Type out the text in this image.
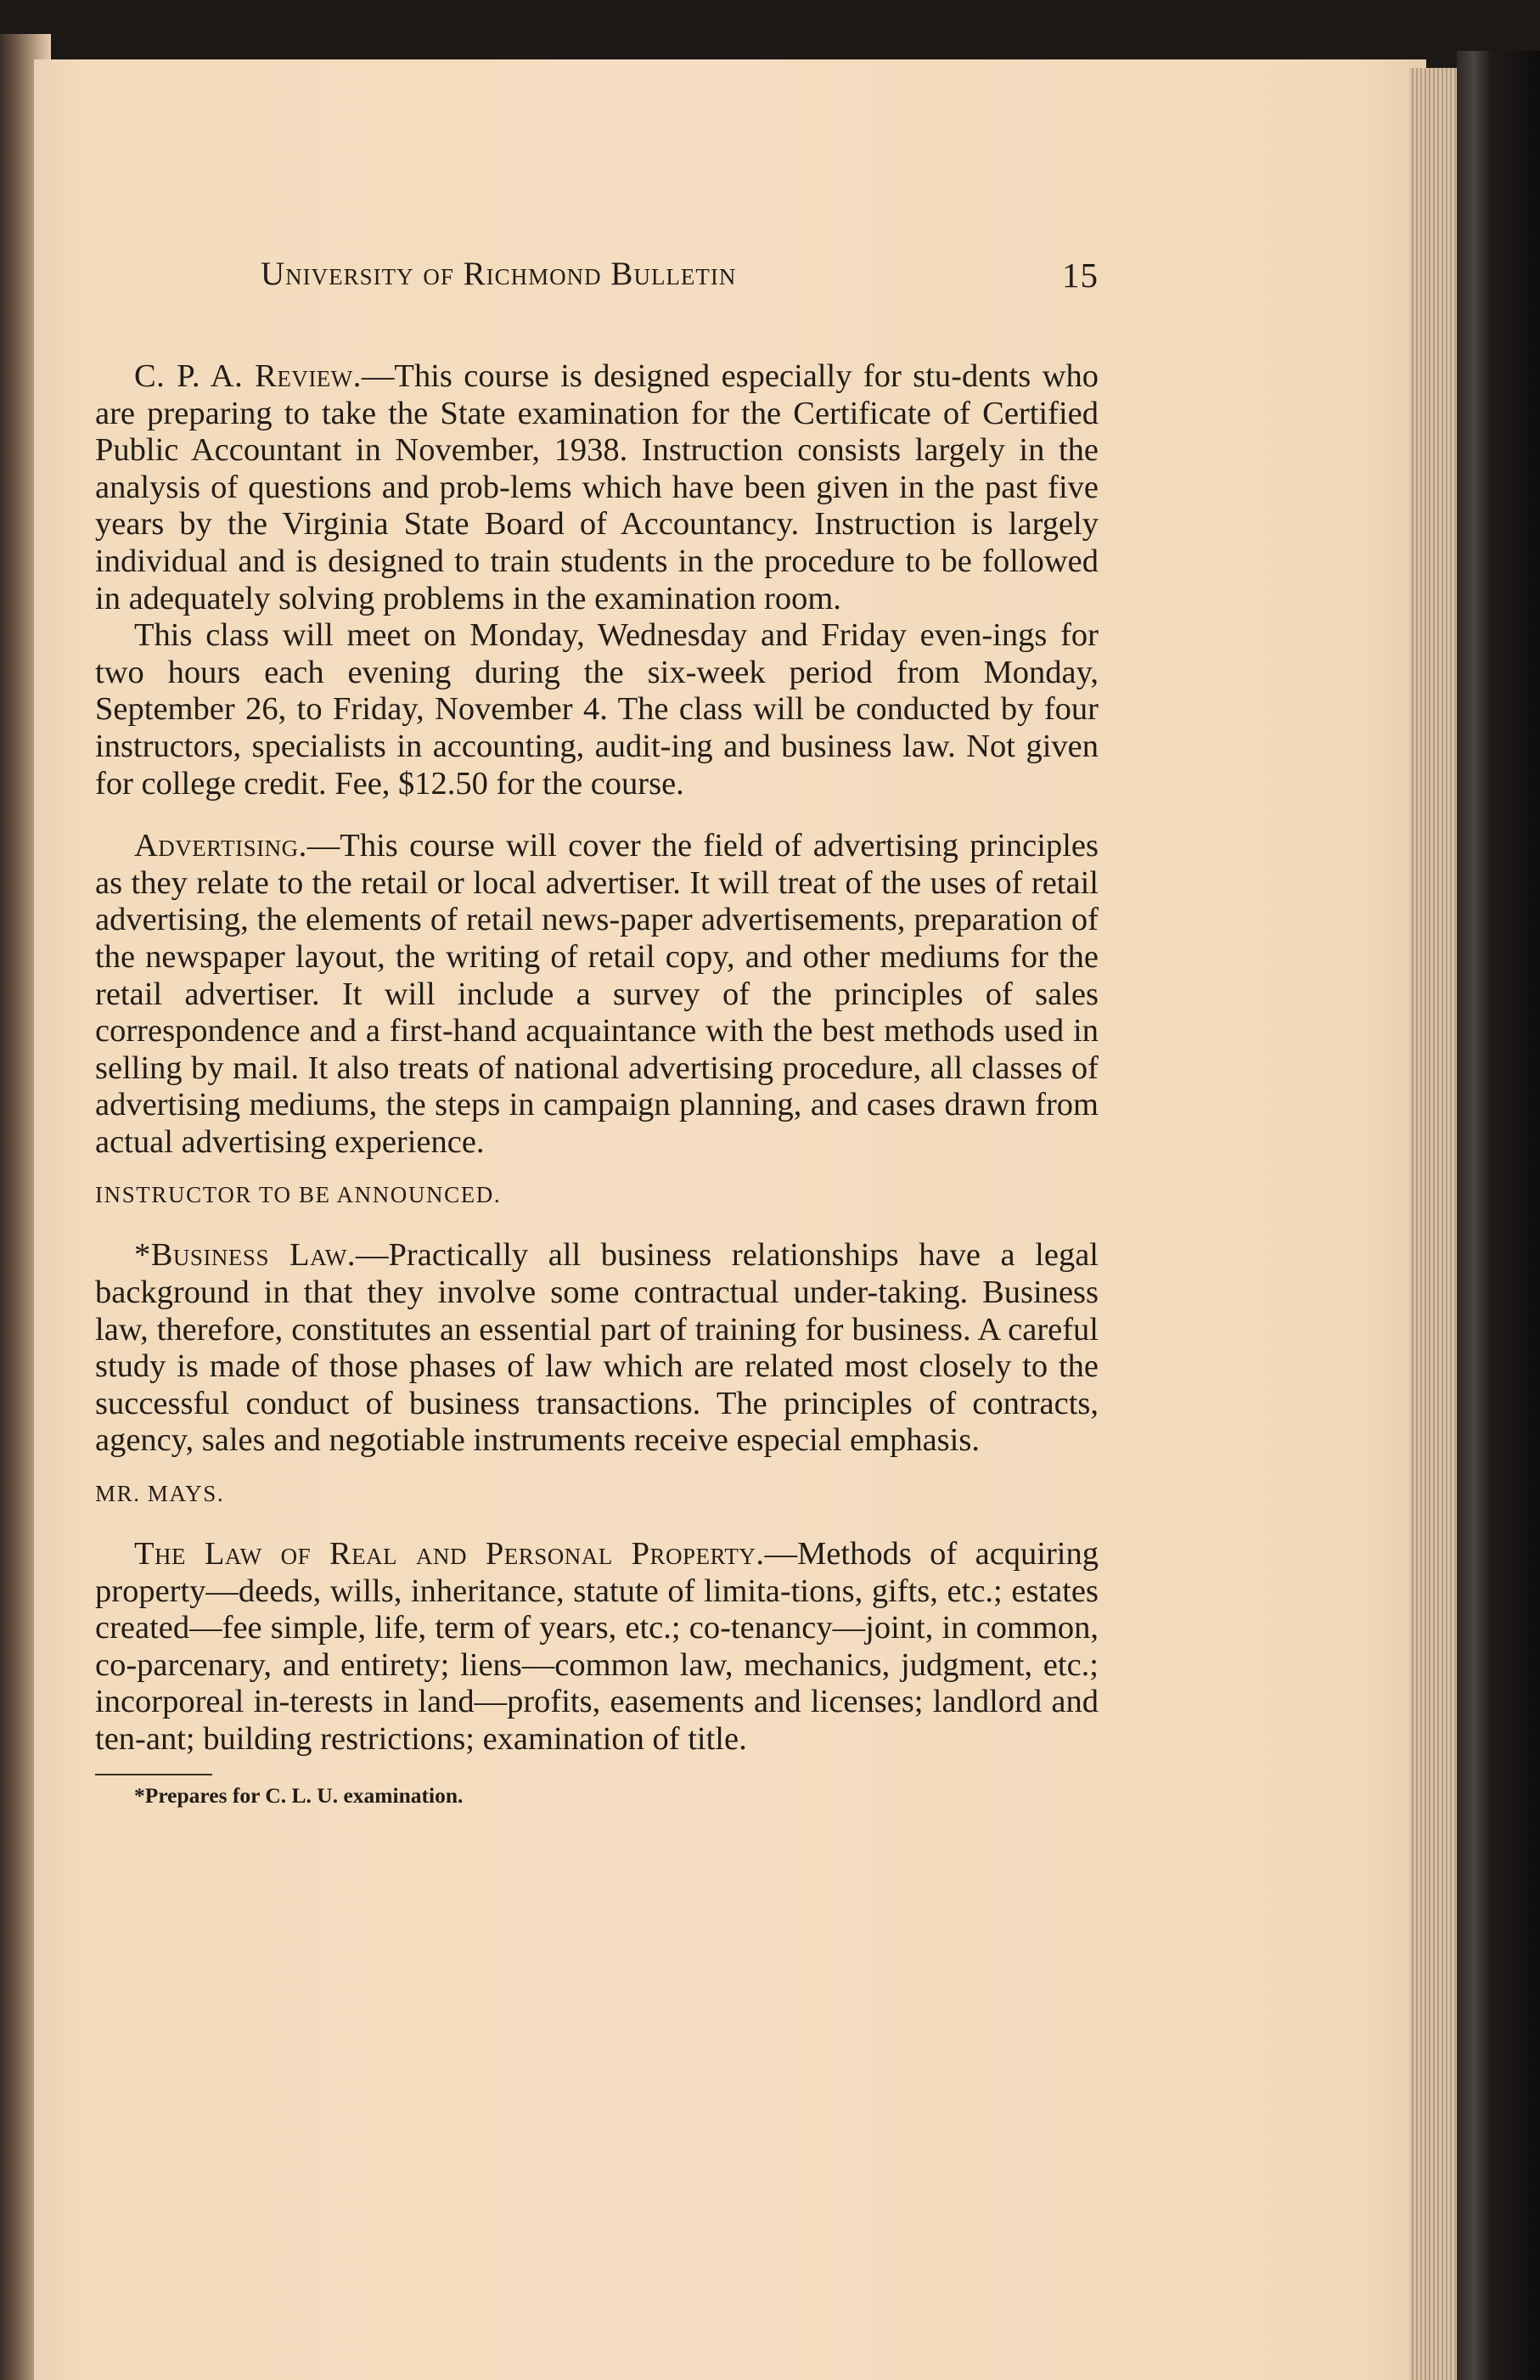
University of Richmond Bulletin	15

C. P. A. Review.—This course is designed especially for stu-dents who are preparing to take the State examination for the Certificate of Certified Public Accountant in November, 1938. Instruction consists largely in the analysis of questions and prob-lems which have been given in the past five years by the Virginia State Board of Accountancy. Instruction is largely individual and is designed to train students in the procedure to be followed in adequately solving problems in the examination room.

This class will meet on Monday, Wednesday and Friday even-ings for two hours each evening during the six-week period from Monday, September 26, to Friday, November 4. The class will be conducted by four instructors, specialists in accounting, audit-ing and business law. Not given for college credit. Fee, $12.50 for the course.

Advertising.—This course will cover the field of advertising principles as they relate to the retail or local advertiser. It will treat of the uses of retail advertising, the elements of retail news-paper advertisements, preparation of the newspaper layout, the writing of retail copy, and other mediums for the retail advertiser. It will include a survey of the principles of sales correspondence and a first-hand acquaintance with the best methods used in selling by mail. It also treats of national advertising procedure, all classes of advertising mediums, the steps in campaign planning, and cases drawn from actual advertising experience.

INSTRUCTOR TO BE ANNOUNCED.

*Business Law.—Practically all business relationships have a legal background in that they involve some contractual under-taking. Business law, therefore, constitutes an essential part of training for business. A careful study is made of those phases of law which are related most closely to the successful conduct of business transactions. The principles of contracts, agency, sales and negotiable instruments receive especial emphasis.

MR. MAYS.

The Law of Real and Personal Property.—Methods of acquiring property—deeds, wills, inheritance, statute of limita-tions, gifts, etc.; estates created—fee simple, life, term of years, etc.; co-tenancy—joint, in common, co-parcenary, and entirety; liens—common law, mechanics, judgment, etc.; incorporeal in-terests in land—profits, easements and licenses; landlord and ten-ant; building restrictions; examination of title.

*Prepares for C. L. U. examination.
